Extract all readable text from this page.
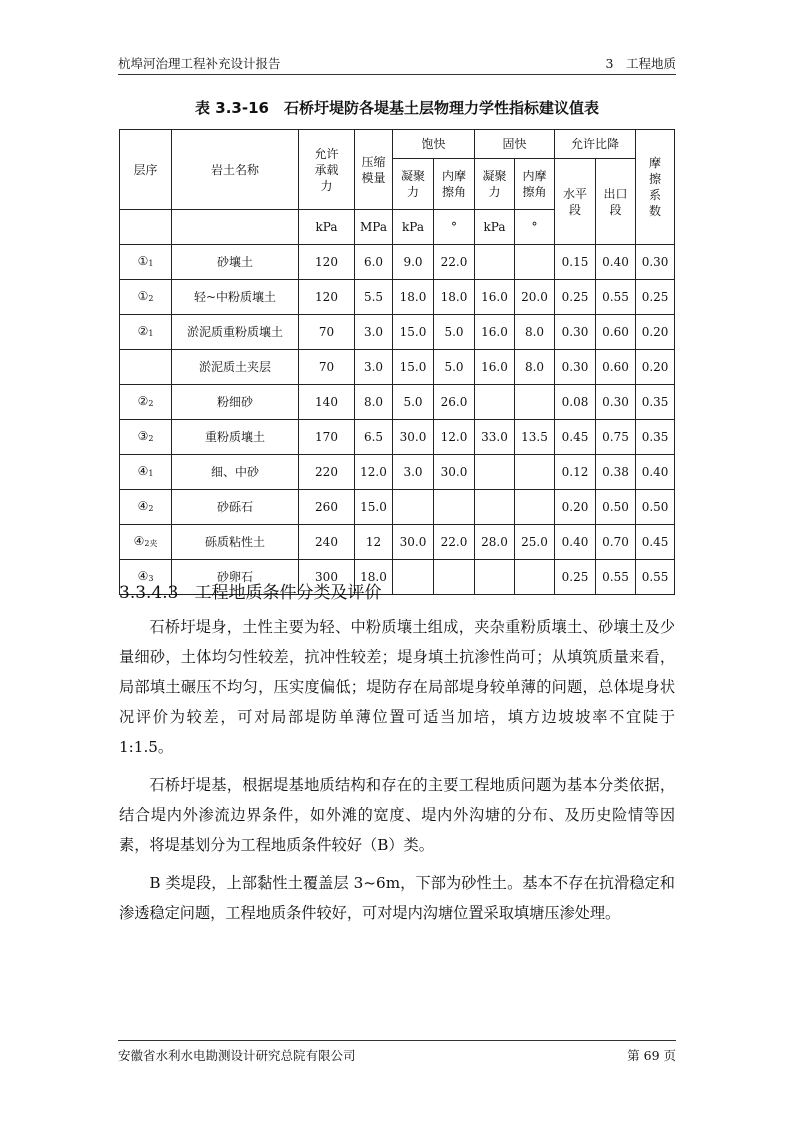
杭埠河治理工程补充设计报告	3　工程地质
表 3.3-16　石桥圩堤防各堤基土层物理力学性指标建议值表
层序	岩土名称	允许承载力	压缩模量	饱快		固快		允许比降		摩擦系数

				凝聚力	内摩擦角	凝聚力	内摩擦角	水平段	出口段	

		kPa	MPa	kPa	°	kPa	°			
①1	砂壤土	120	6.0	9.0	22.0			0.15	0.40	0.30
①2	轻~中粉质壤土	120	5.5	18.0	18.0	16.0	20.0	0.25	0.55	0.25
②1	淤泥质重粉质壤土	70	3.0	15.0	5.0	16.0	8.0	0.30	0.60	0.20
	淤泥质土夹层	70	3.0	15.0	5.0	16.0	8.0	0.30	0.60	0.20
②2	粉细砂	140	8.0	5.0	26.0			0.08	0.30	0.35
③2	重粉质壤土	170	6.5	30.0	12.0	33.0	13.5	0.45	0.75	0.35
④1	细、中砂	220	12.0	3.0	30.0			0.12	0.38	0.40
④2	砂砾石	260	15.0					0.20	0.50	0.50
④2夹	砾质粘性土	240	12	30.0	22.0	28.0	25.0	0.40	0.70	0.45
④3	砂卵石	300	18.0					0.25	0.55	0.55
3.3.4.3 工程地质条件分类及评价

石桥圩堤身，土性主要为轻、中粉质壤土组成，夹杂重粉质壤土、砂壤土及少量细砂，土体均匀性较差，抗冲性较差；堤身填土抗渗性尚可；从填筑质量来看，局部填土碾压不均匀，压实度偏低；堤防存在局部堤身较单薄的问题，总体堤身状况评价为较差，可对局部堤防单薄位置可适当加培，填方边坡坡率不宜陡于 1:1.5。

石桥圩堤基，根据堤基地质结构和存在的主要工程地质问题为基本分类依据，结合堤内外渗流边界条件，如外滩的宽度、堤内外沟塘的分布、及历史险情等因素，将堤基划分为工程地质条件较好（B）类。

B 类堤段，上部黏性土覆盖层 3~6m，下部为砂性土。基本不存在抗滑稳定和渗透稳定问题，工程地质条件较好，可对堤内沟塘位置采取填塘压渗处理。

安徽省水利水电勘测设计研究总院有限公司	第 69 页
